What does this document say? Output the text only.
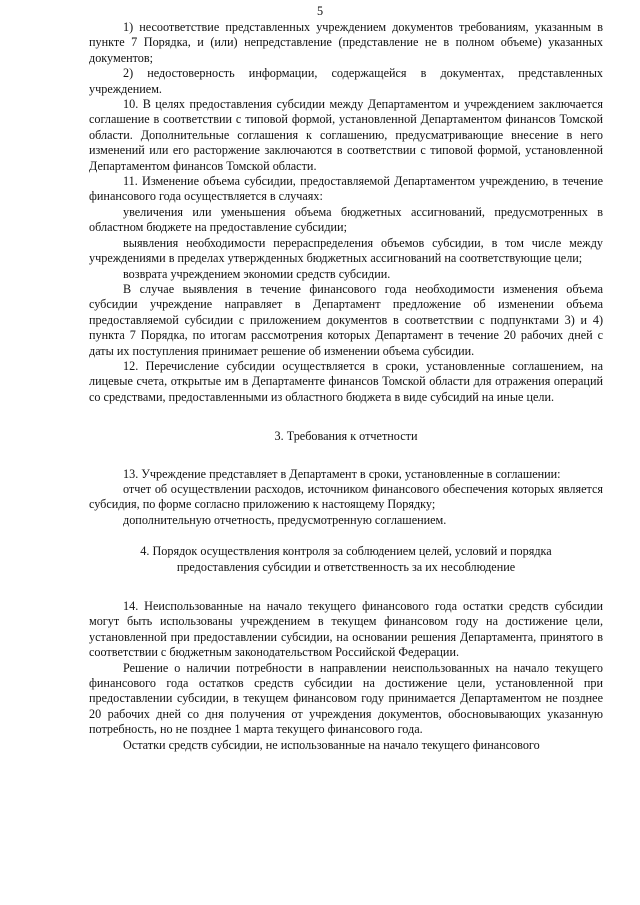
5

1) несоответствие представленных учреждением документов требованиям, указанным в пункте 7 Порядка, и (или) непредставление (представление не в полном объеме) указанных документов;

2) недостоверность информации, содержащейся в документах, представленных учреждением.

10. В целях предоставления субсидии между Департаментом и учреждением заключается соглашение в соответствии с типовой формой, установленной Департаментом финансов Томской области. Дополнительные соглашения к соглашению, предусматривающие внесение в него изменений или его расторжение заключаются в соответствии с типовой формой, установленной Департаментом финансов Томской области.

11. Изменение объема субсидии, предоставляемой Департаментом учреждению, в течение финансового года осуществляется в случаях:

увеличения или уменьшения объема бюджетных ассигнований, предусмотренных в областном бюджете на предоставление субсидии;

выявления необходимости перераспределения объемов субсидии, в том числе между учреждениями в пределах утвержденных бюджетных ассигнований на соответствующие цели;

возврата учреждением экономии средств субсидии.

В случае выявления в течение финансового года необходимости изменения объема субсидии учреждение направляет в Департамент предложение об изменении объема предоставляемой субсидии с приложением документов в соответствии с подпунктами 3) и 4) пункта 7 Порядка, по итогам рассмотрения которых Департамент в течение 20 рабочих дней с даты их поступления принимает решение об изменении объема субсидии.

12. Перечисление субсидии осуществляется в сроки, установленные соглашением, на лицевые счета, открытые им в Департаменте финансов Томской области для отражения операций со средствами, предоставленными из областного бюджета в виде субсидий на иные цели.

3. Требования к отчетности

13. Учреждение представляет в Департамент в сроки, установленные в соглашении:

отчет об осуществлении расходов, источником финансового обеспечения которых является субсидия, по форме согласно приложению к настоящему Порядку;

дополнительную отчетность, предусмотренную соглашением.

4. Порядок осуществления контроля за соблюдением целей, условий и порядка
предоставления субсидии и ответственность за их несоблюдение

14. Неиспользованные на начало текущего финансового года остатки средств субсидии могут быть использованы учреждением в текущем финансовом году на достижение цели, установленной при предоставлении субсидии, на основании решения Департамента, принятого в соответствии с бюджетным законодательством Российской Федерации.

Решение о наличии потребности в направлении неиспользованных на начало текущего финансового года остатков средств субсидии на достижение цели, установленной при предоставлении субсидии, в текущем финансовом году принимается Департаментом не позднее 20 рабочих дней со дня получения от учреждения документов, обосновывающих указанную потребность, но не позднее 1 марта текущего финансового года.

Остатки средств субсидии, не использованные на начало текущего финансового
